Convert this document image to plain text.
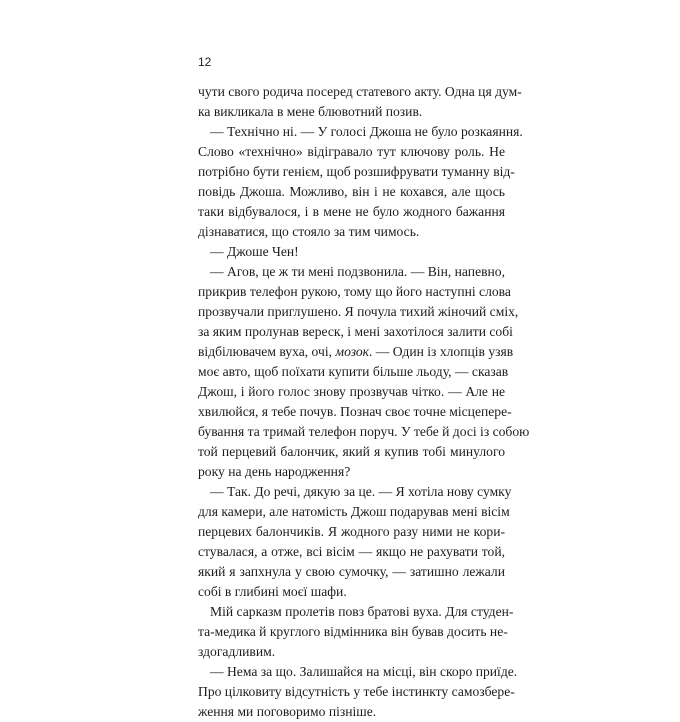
12
чути свого родича посеред статевого акту. Одна ця дум-
ка викликала в мене блювотний позив.
— Технічно ні. — У голосі Джоша не було розкаяння.
Слово «технічно» відігравало тут ключову роль. Не
потрібно бути генієм, щоб розшифрувати туманну від-
повідь Джоша. Можливо, він і не кохався, але щось
таки відбувалося, і в мене не було жодного бажання
дізнаватися, що стояло за тим чимось.
— Джоше Чен!
— Агов, це ж ти мені подзвонила. — Він, напевно,
прикрив телефон рукою, тому що його наступні слова
прозвучали приглушено. Я почула тихий жіночий сміх,
за яким пролунав вереск, і мені захотілося залити собі
відбілювачем вуха, очі, мозок. — Один із хлопців узяв
моє авто, щоб поїхати купити більше льоду, — сказав
Джош, і його голос знову прозвучав чітко. — Але не
хвилюйся, я тебе почув. Познач своє точне місцепере-
бування та тримай телефон поруч. У тебе й досі із собою
той перцевий балончик, який я купив тобі минулого
року на день народження?
— Так. До речі, дякую за це. — Я хотіла нову сумку
для камери, але натомість Джош подарував мені вісім
перцевих балончиків. Я жодного разу ними не кори-
стувалася, а отже, всі вісім — якщо не рахувати той,
який я запхнула у свою сумочку, — затишно лежали
собі в глибині моєї шафи.
Мій сарказм пролетів повз братові вуха. Для студен-
та-медика й круглого відмінника він бував досить не-
здогадливим.
— Нема за що. Залишайся на місці, він скоро приїде.
Про цілковиту відсутність у тебе інстинкту самозбере-
ження ми поговоримо пізніше.
